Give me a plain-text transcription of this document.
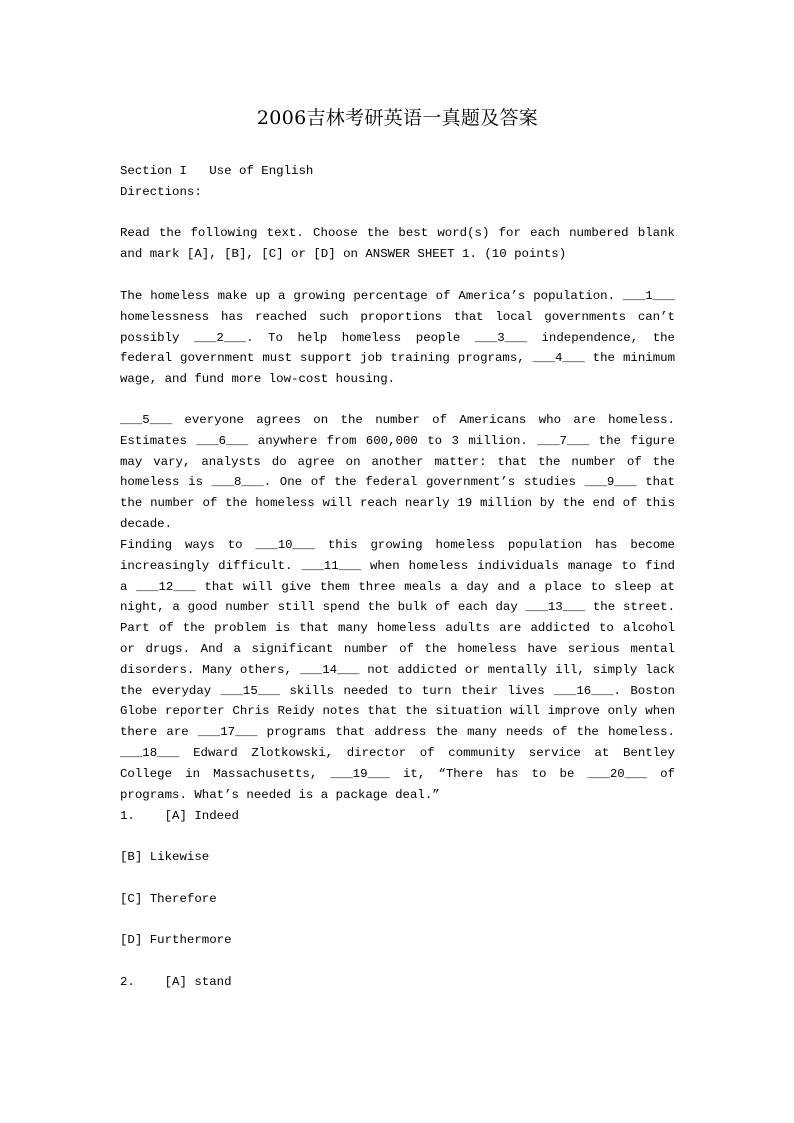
2006吉林考研英语一真题及答案
Section I   Use of English
Directions:
Read the following text. Choose the best word(s) for each numbered blank and mark [A], [B], [C] or [D] on ANSWER SHEET 1. (10 points)
The homeless make up a growing percentage of America’s population. ___1___ homelessness has reached such proportions that local governments can’t possibly ___2___. To help homeless people ___3___ independence, the federal government must support job training programs, ___4___ the minimum wage, and fund more low-cost housing.
___5___ everyone agrees on the number of Americans who are homeless. Estimates ___6___ anywhere from 600,000 to 3 million. ___7___ the figure may vary, analysts do agree on another matter: that the number of the homeless is ___8___. One of the federal government’s studies ___9___ that the number of the homeless will reach nearly 19 million by the end of this decade.
Finding ways to ___10___ this growing homeless population has become increasingly difficult. ___11___ when homeless individuals manage to find a ___12___ that will give them three meals a day and a place to sleep at night, a good number still spend the bulk of each day ___13___ the street. Part of the problem is that many homeless adults are addicted to alcohol or drugs. And a significant number of the homeless have serious mental disorders. Many others, ___14___ not addicted or mentally ill, simply lack the everyday ___15___ skills needed to turn their lives ___16___. Boston Globe reporter Chris Reidy notes that the situation will improve only when there are ___17___ programs that address the many needs of the homeless. ___18___ Edward Zlotkowski, director of community service at Bentley College in Massachusetts, ___19___ it, “There has to be ___20___ of programs. What’s needed is a package deal.”
1.    [A] Indeed
[B] Likewise
[C] Therefore
[D] Furthermore
2.    [A] stand
